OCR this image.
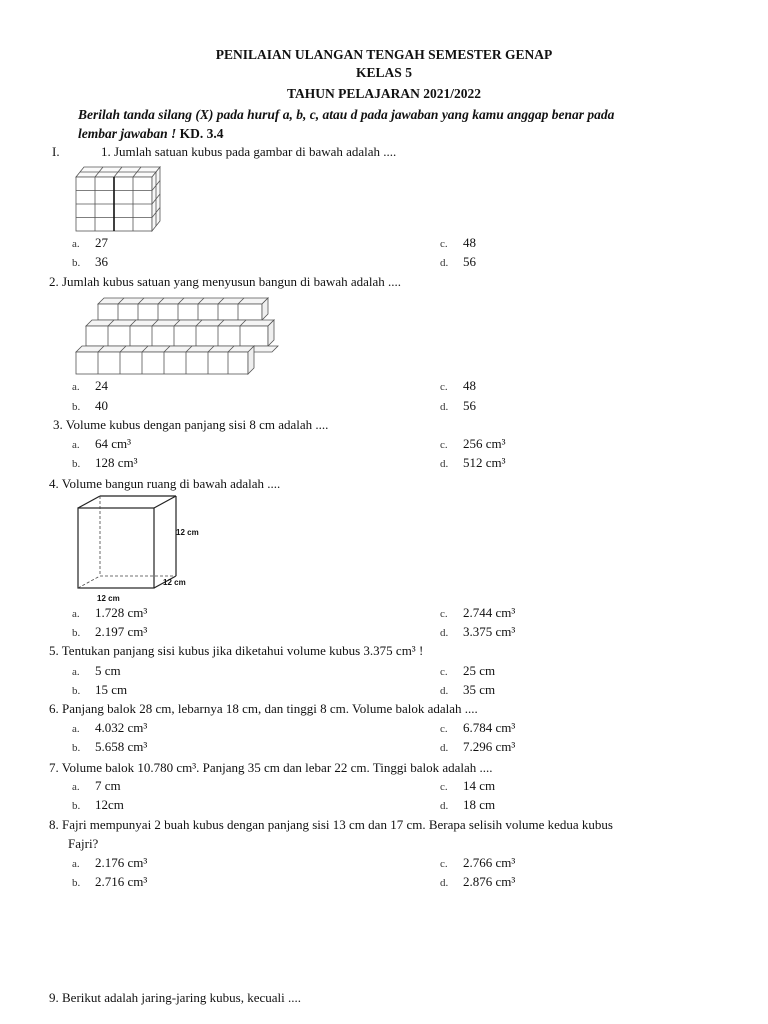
PENILAIAN ULANGAN TENGAH SEMESTER GENAP
KELAS 5
TAHUN PELAJARAN 2021/2022
Berilah tanda silang (X) pada huruf a, b, c, atau d pada jawaban yang kamu anggap benar pada
lembar jawaban ! KD. 3.4
I.	1. Jumlah satuan kubus pada gambar di bawah adalah ....
a. 27
b. 36
c. 48
d. 56
2. Jumlah kubus satuan yang menyusun bangun di bawah adalah ....
a. 24
b. 40
c. 48
d. 56
3. Volume kubus dengan panjang sisi 8 cm adalah ....
a. 64 cm³
b. 128 cm³
c. 256 cm³
d. 512 cm³
4. Volume bangun ruang di bawah adalah ....
12 cm
12 cm
12 cm
a. 1.728 cm³
b. 2.197 cm³
c. 2.744 cm³
d. 3.375 cm³
5. Tentukan panjang sisi kubus jika diketahui volume kubus 3.375 cm³ !
a. 5 cm
b. 15 cm
c. 25 cm
d. 35 cm
6. Panjang balok 28 cm, lebarnya 18 cm, dan tinggi 8 cm. Volume balok adalah ....
a. 4.032 cm³
b. 5.658 cm³
c. 6.784 cm³
d. 7.296 cm³
7. Volume balok 10.780 cm³. Panjang 35 cm dan lebar 22 cm. Tinggi balok adalah ....
a. 7 cm
b. 12cm
c. 14 cm
d. 18 cm
8. Fajri mempunyai 2 buah kubus dengan panjang sisi 13 cm dan 17 cm. Berapa selisih volume kedua kubus
Fajri?
a. 2.176 cm³
b. 2.716 cm³
c. 2.766 cm³
d. 2.876 cm³
9. Berikut adalah jaring-jaring kubus, kecuali ....
